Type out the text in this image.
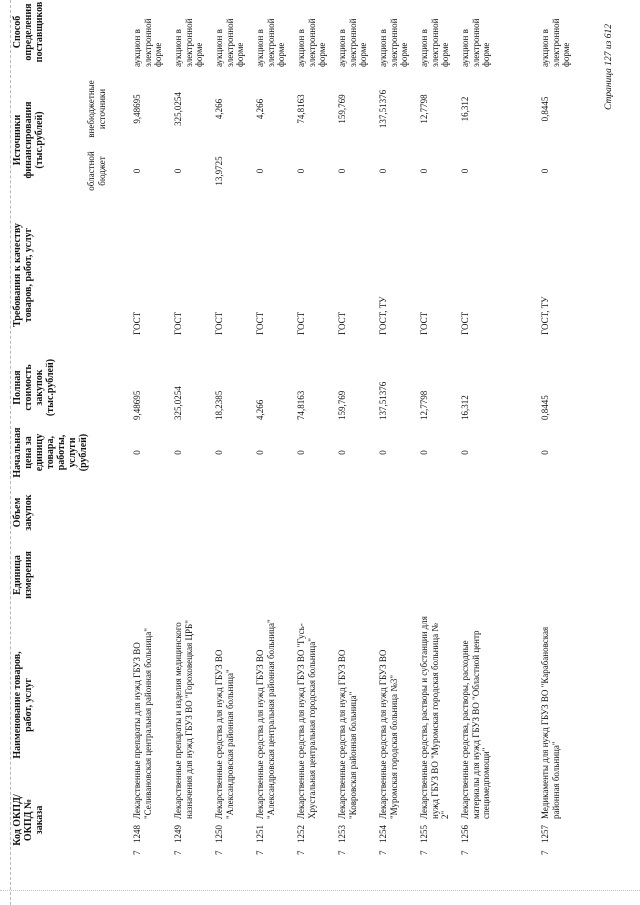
Код ОКПД/ ОКПД № заказа
Наименование товаров, работ, услуг
Единица измерения
Объем закупок
Начальная цена за единицу товара, работы, услуги (рублей)
Полная стоимость закупок (тыс.рублей)
Требования к качеству товаров, работ, услуг
Источники финансирования (тыс.рублей)
областной бюджет
внебюджетные источники
Способ определения поставщиков
7
1248
Лекарственные препараты для нужд ГБУЗ ВО "Селивановская центральная районная больница"
0
9,48695
ГОСТ
0
9,48695
аукцион в электронной форме
7
1249
Лекарственные препараты и изделия медицинского назначения для нужд ГБУЗ ВО "Гороховецкая ЦРБ"
0
325,0254
ГОСТ
0
325,0254
аукцион в электронной форме
7
1250
Лекарственные средства для нужд ГБУЗ ВО "Александровская районная больница"
0
18,2385
ГОСТ
13,9725
4,266
аукцион в электронной форме
7
1251
Лекарственные средства для нужд ГБУЗ ВО "Александровская центральная районная больница"
0
4,266
ГОСТ
0
4,266
аукцион в электронной форме
7
1252
Лекарственные средства для нужд ГБУЗ ВО "Гусь-Хрустальная центральная городская больница"
0
74,8163
ГОСТ
0
74,8163
аукцион в электронной форме
7
1253
Лекарственные средства для нужд ГБУЗ ВО "Ковровская районная больница"
0
159,769
ГОСТ
0
159,769
аукцион в электронной форме
7
1254
Лекарственные средства для нужд ГБУЗ ВО "Муромская городская больница №3"
0
137,51376
ГОСТ, ТУ
0
137,51376
аукцион в электронной форме
7
1255
Лекарственные средства, растворы и субстанции для нужд ГБУЗ ВО "Муромская городская больница № 2"
0
12,7798
ГОСТ
0
12,7798
аукцион в электронной форме
7
1256
Лекарственные средства, растворы, расходные материалы для нужд ГБУЗ ВО "Областной центр специмедпомощи"
0
16,312
ГОСТ
0
16,312
аукцион в электронной форме
7
1257
Медикаменты для нужд ГБУЗ ВО "Карабановская районная больница"
0
0,8445
ГОСТ, ТУ
0
0,8445
аукцион в электронной форме	Страница 127 из 612
